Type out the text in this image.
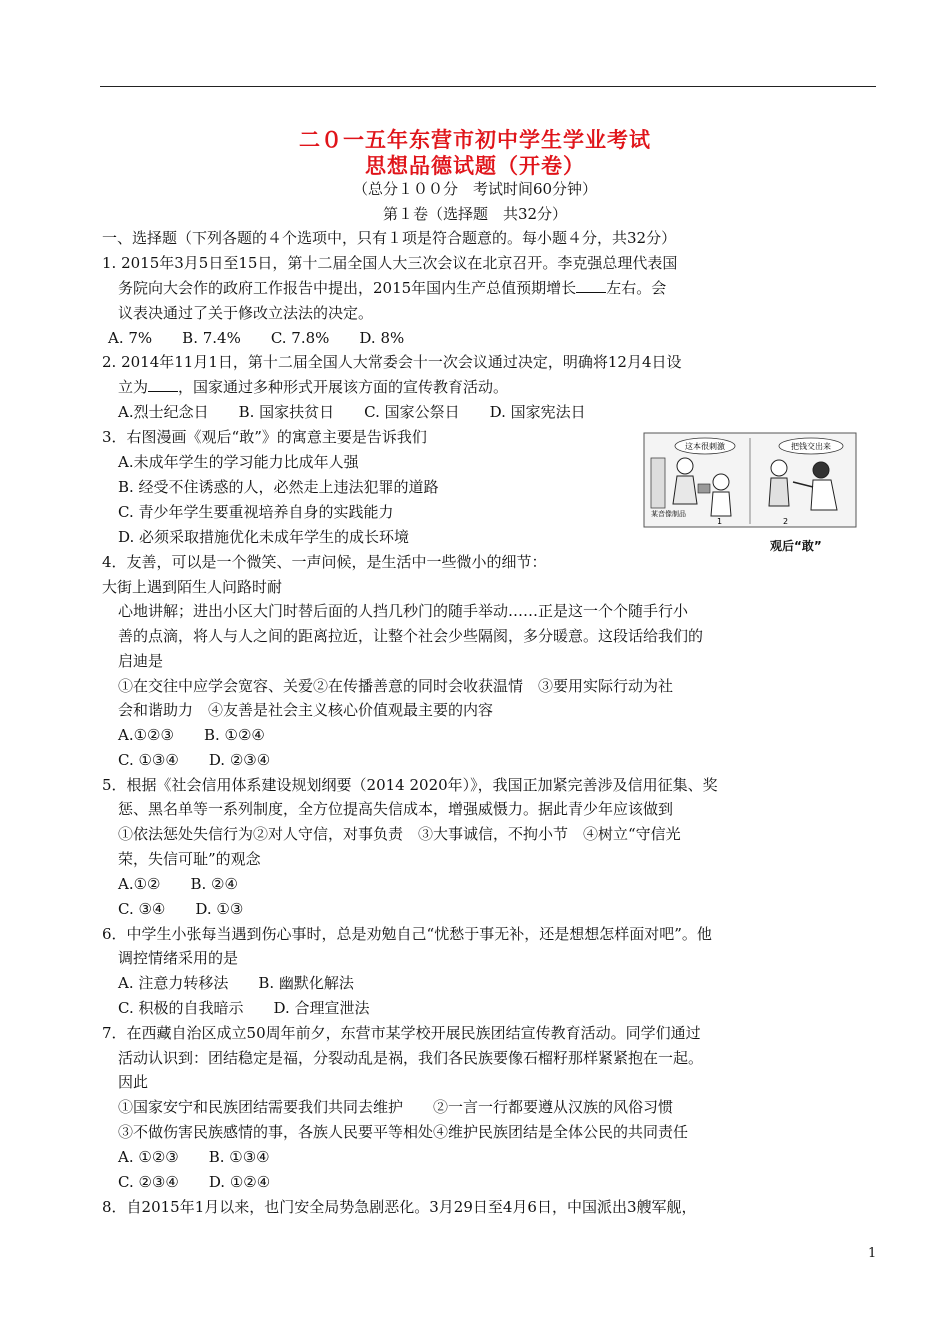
二０一五年东营市初中学生学业考试
思想品德试题（开卷）
（总分１００分　考试时间60分钟）
第１卷（选择题　共32分）
一、选择题（下列各题的４个选项中，只有１项是符合题意的。每小题４分，共32分）
1. 2015年3月5日至15日，第十二届全国人大三次会议在北京召开。李克强总理代表国
务院向大会作的政府工作报告中提出，2015年国内生产总值预期增长 左右。会
议表决通过了关于修改立法法的决定。
A. 7%　　B. 7.4%　　C. 7.8%　　D. 8%
2. 2014年11月1日，第十二届全国人大常委会十一次会议通过决定，明确将12月4日设
立为 ，国家通过多种形式开展该方面的宣传教育活动。
A.烈士纪念日　　B. 国家扶贫日　　C. 国家公祭日　　D. 国家宪法日
3．右图漫画《观后“敢”》的寓意主要是告诉我们
A.未成年学生的学习能力比成年人强
B. 经受不住诱惑的人，必然走上违法犯罪的道路
C. 青少年学生要重视培养自身的实践能力
D. 必须采取措施优化未成年学生的成长环境
这本很刺激	把钱交出来
某音像制品
1	2
观后“敢”
4．友善，可以是一个微笑、一声问候，是生活中一些微小的细节：
大街上遇到陌生人问路时耐
心地讲解；进出小区大门时替后面的人挡几秒门的随手举动……正是这一个个随手行小
善的点滴，将人与人之间的距离拉近，让整个社会少些隔阂，多分暖意。这段话给我们的
启迪是
①在交往中应学会宽容、关爱②在传播善意的同时会收获温情　③要用实际行动为社
会和谐助力　④友善是社会主义核心价值观最主要的内容
A.①②③　　B. ①②④
C. ①③④　　D. ②③④
5．根据《社会信用体系建设规划纲要（2014 2020年）》，我国正加紧完善涉及信用征集、奖
惩、黑名单等一系列制度，全方位提高失信成本，增强威慑力。据此青少年应该做到
①依法惩处失信行为②对人守信，对事负责　③大事诚信，不拘小节　④树立“守信光
荣，失信可耻”的观念
A.①②　　B. ②④
C. ③④　　D. ①③
6．中学生小张每当遇到伤心事时，总是劝勉自己“忧愁于事无补，还是想想怎样面对吧”。他
调控情绪采用的是
A. 注意力转移法　　B. 幽默化解法
C. 积极的自我暗示　　D. 合理宣泄法
7．在西藏自治区成立50周年前夕，东营市某学校开展民族团结宣传教育活动。同学们通过
活动认识到：团结稳定是福，分裂动乱是祸，我们各民族要像石榴籽那样紧紧抱在一起。
因此
①国家安宁和民族团结需要我们共同去维护　　②一言一行都要遵从汉族的风俗习惯
③不做伤害民族感情的事，各族人民要平等相处④维护民族团结是全体公民的共同责任
A. ①②③　　B. ①③④
C. ②③④　　D. ①②④
8．自2015年1月以来，也门安全局势急剧恶化。3月29日至4月6日，中国派出3艘军舰，
1
